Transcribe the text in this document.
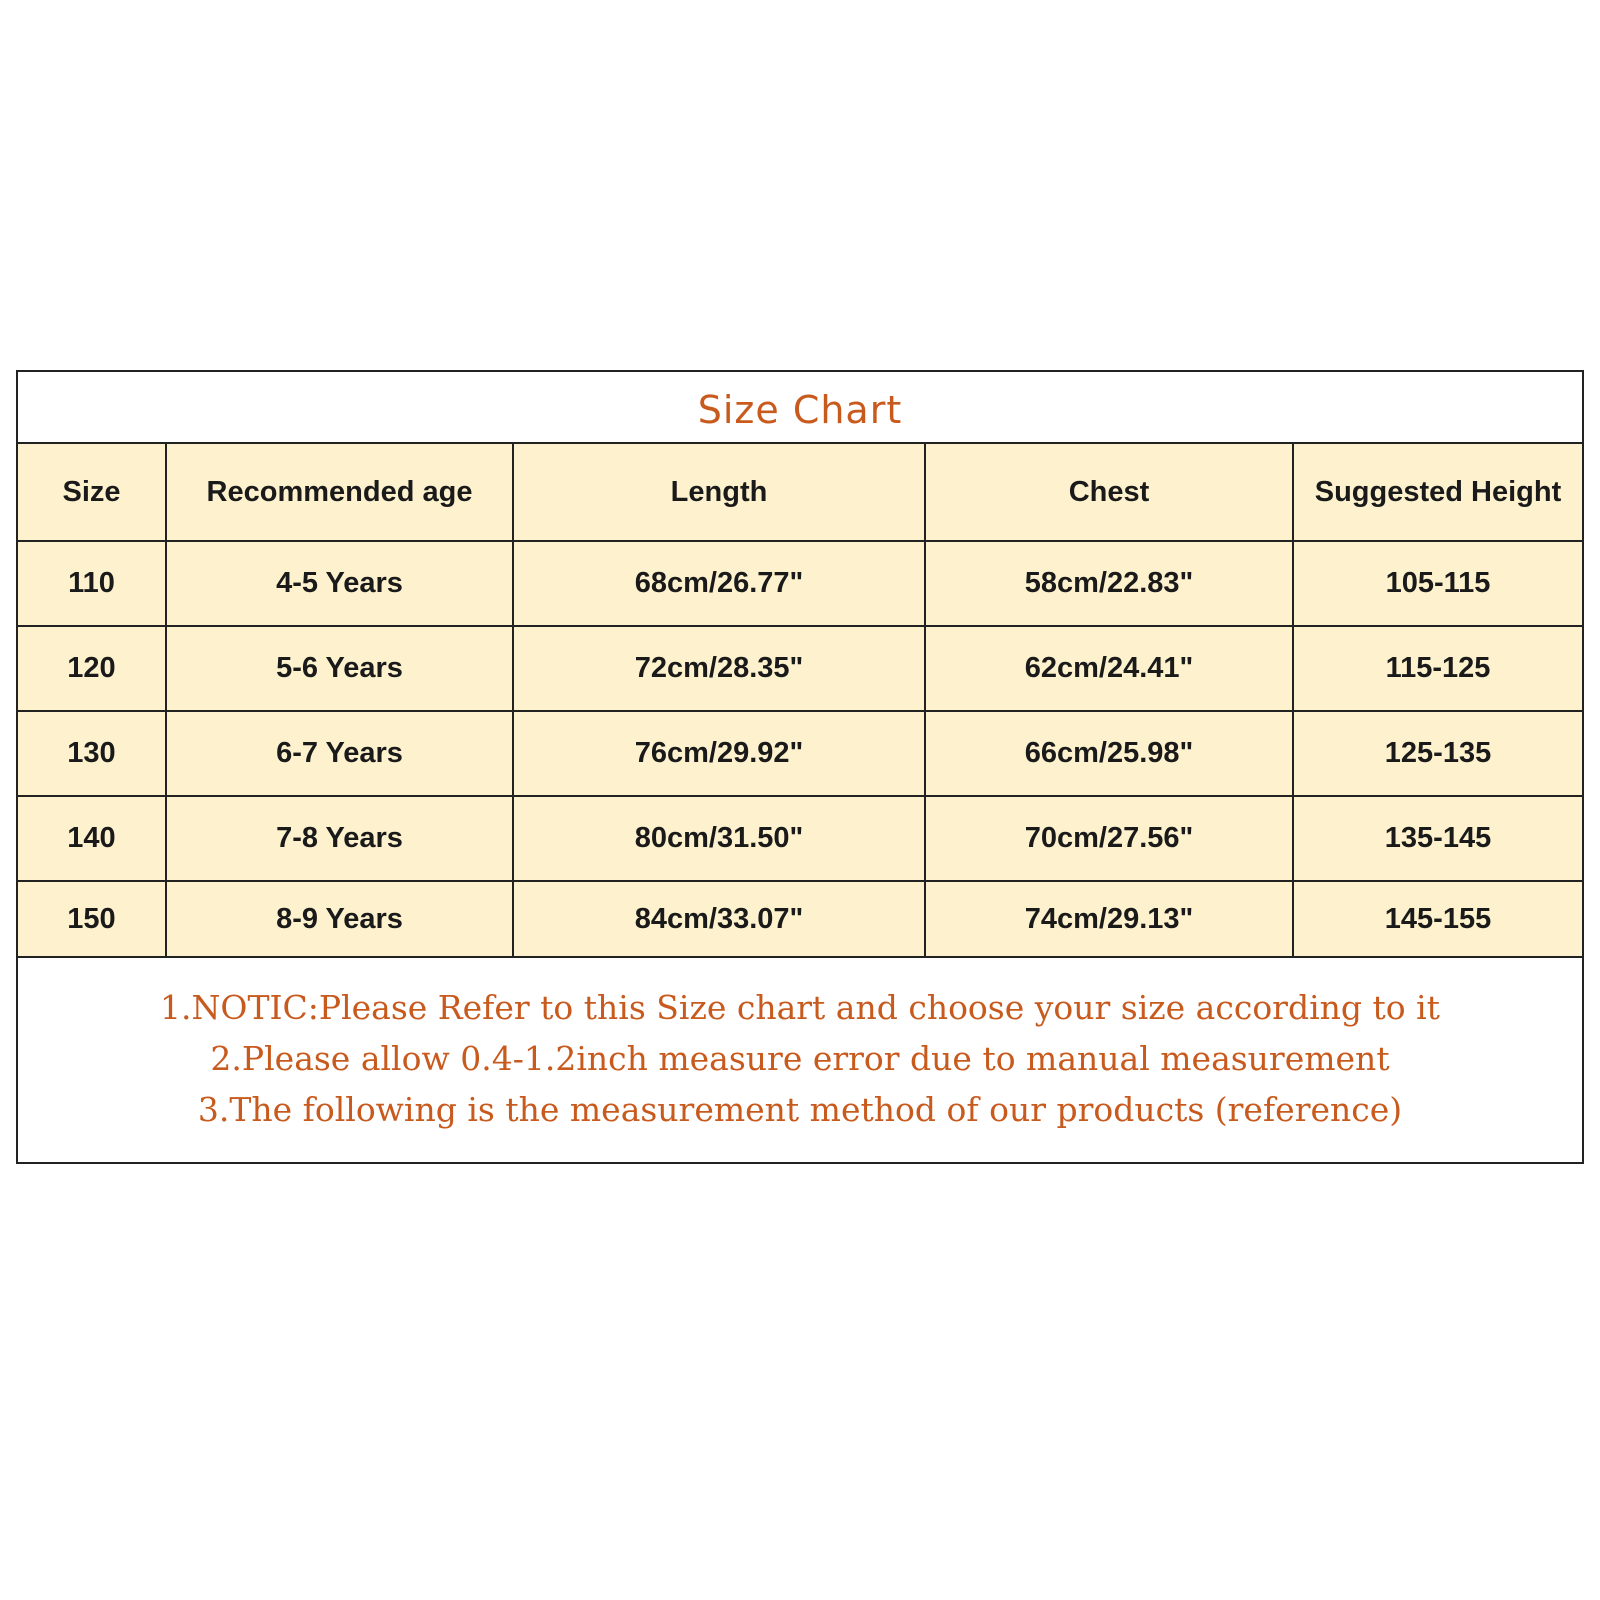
Size Chart
Size	Recommended age	Length	Chest	Suggested Height
110	4-5 Years	68cm/26.77"	58cm/22.83"	105-115
120	5-6 Years	72cm/28.35"	62cm/24.41"	115-125
130	6-7 Years	76cm/29.92"	66cm/25.98"	125-135
140	7-8 Years	80cm/31.50"	70cm/27.56"	135-145
150	8-9 Years	84cm/33.07"	74cm/29.13"	145-155
1.NOTIC:Please Refer to this Size chart and choose your size according to it
2.Please allow 0.4-1.2inch measure error due to manual measurement
3.The following is the measurement method of our products (reference)
